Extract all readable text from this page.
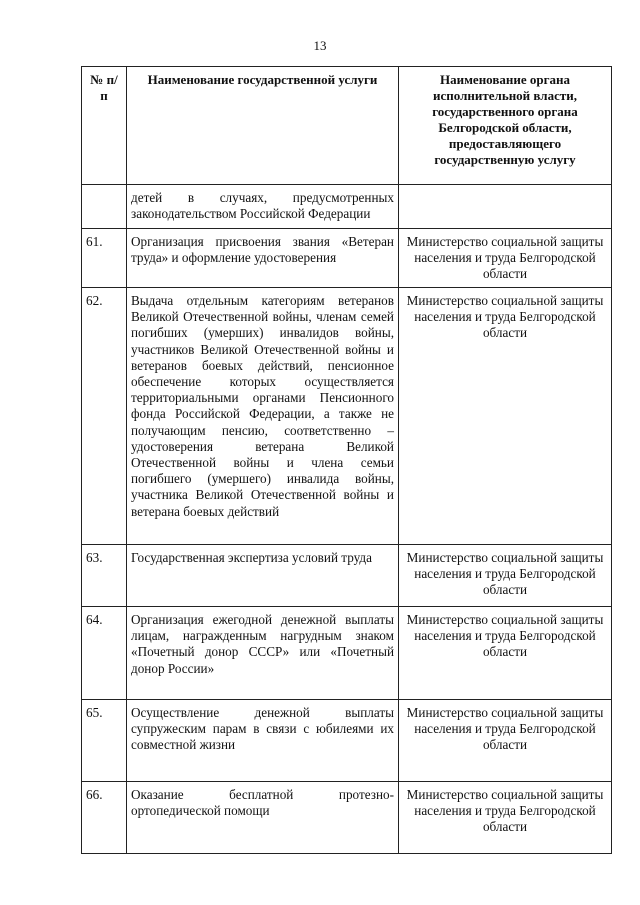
13
№ п/п	Наименование государственной услуги	Наименование органа исполнительной власти, государственного органа Белгородской области, предоставляющего государственную услугу
	детей в случаях, предусмотренных законодательством Российской Федерации	
61.	Организация присвоения звания «Ветеран труда» и оформление удостоверения	Министерство социальной защиты населения и труда Белгородской области
62.	Выдача отдельным категориям ветеранов Великой Отечественной войны, членам семей погибших (умерших) инвалидов войны, участников Великой Отечественной войны и ветеранов боевых действий, пенсионное обеспечение которых осуществляется территориальными органами Пенсионного фонда Российской Федерации, а также не получающим пенсию, соответственно – удостоверения ветерана Великой Отечественной войны и члена семьи погибшего (умершего) инвалида войны, участника Великой Отечественной войны и ветерана боевых действий	Министерство социальной защиты населения и труда Белгородской области
63.	Государственная экспертиза условий труда	Министерство социальной защиты населения и труда Белгородской области
64.	Организация ежегодной денежной выплаты лицам, награжденным нагрудным знаком «Почетный донор СССР» или «Почетный донор России»	Министерство социальной защиты населения и труда Белгородской области
65.	Осуществление денежной выплаты супружеским парам в связи с юбилеями их совместной жизни	Министерство социальной защиты населения и труда Белгородской области
66.	Оказание бесплатной протезно-ортопедической помощи	Министерство социальной защиты населения и труда Белгородской области
